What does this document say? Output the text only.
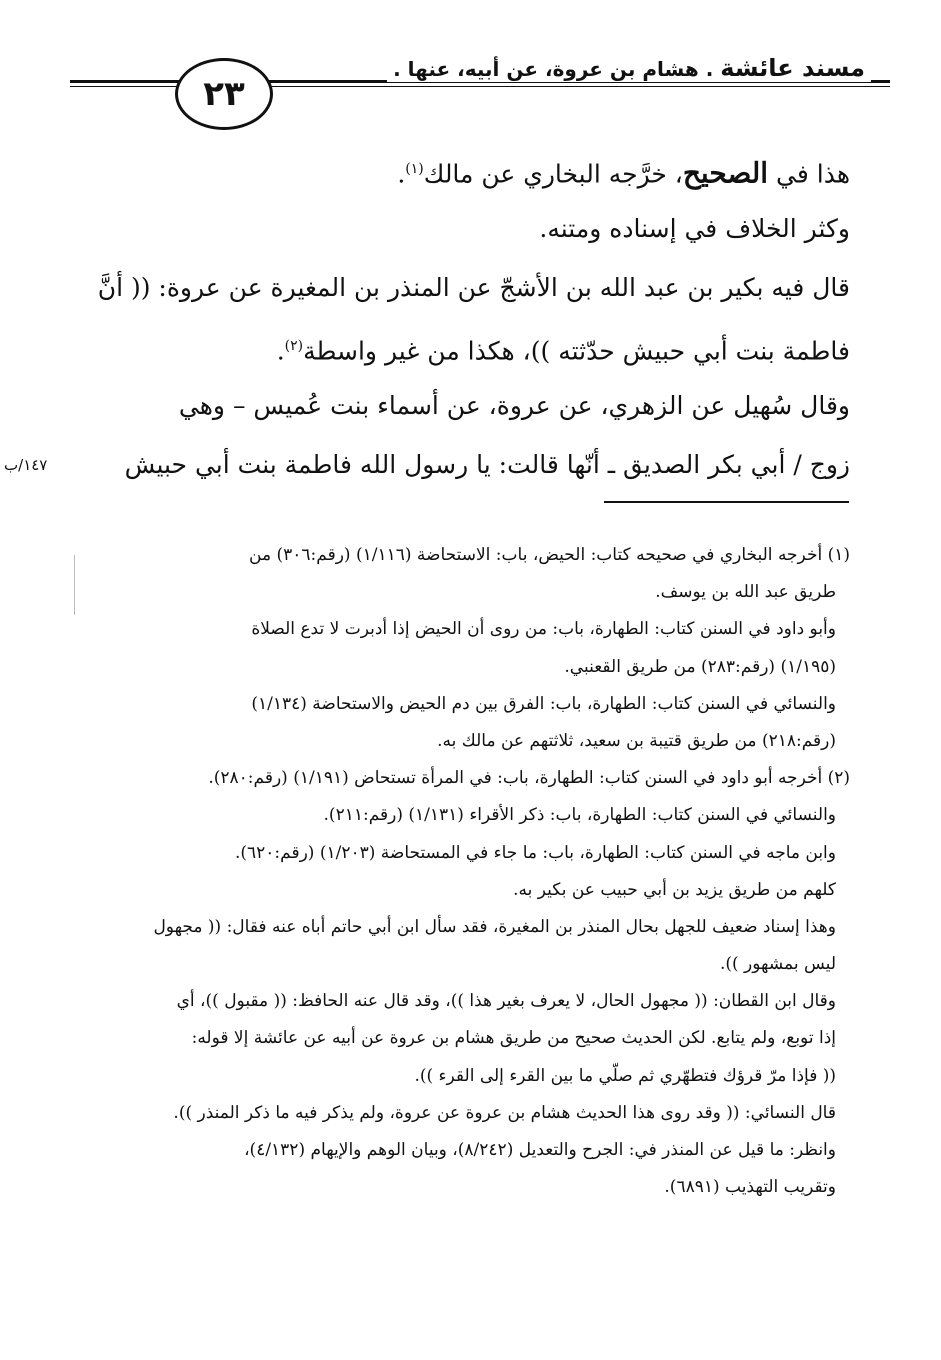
مسند عائشة . هشام بن عروة، عن أبيه، عنها .
٢٣
هذا في الصحيح، خرَّجه البخاري عن مالك$^{(١)}$.
وكثر الخلاف في إسناده ومتنه.
قال فيه بكير بن عبد الله بن الأشجّ عن المنذر بن المغيرة عن عروة: (( أنَّ
فاطمة بنت أبي حبيش حدّثته ))، هكذا من غير واسطة$^{(٢)}$.
وقال سُهيل عن الزهري، عن عروة، عن أسماء بنت عُميس – وهي
زوج / أبي بكر الصديق ـ أنّها قالت: يا رسول الله فاطمة بنت أبي حبيش
١٤٧/ب
(١) أخرجه البخاري في صحيحه كتاب: الحيض، باب: الاستحاضة (١/١١٦) (رقم:٣٠٦) من
طريق عبد الله بن يوسف.
وأبو داود في السنن كتاب: الطهارة، باب: من روى أن الحيض إذا أدبرت لا تدع الصلاة
(١/١٩٥) (رقم:٢٨٣) من طريق القعنبي.
والنسائي في السنن كتاب: الطهارة، باب: الفرق بين دم الحيض والاستحاضة (١/١٣٤)
(رقم:٢١٨) من طريق قتيبة بن سعيد، ثلاثتهم عن مالك به.
(٢) أخرجه أبو داود في السنن كتاب: الطهارة، باب: في المرأة تستحاض (١/١٩١) (رقم:٢٨٠).
والنسائي في السنن كتاب: الطهارة، باب: ذكر الأقراء (١/١٣١) (رقم:٢١١).
وابن ماجه في السنن كتاب: الطهارة، باب: ما جاء في المستحاضة (١/٢٠٣) (رقم:٦٢٠).
كلهم من طريق يزيد بن أبي حبيب عن بكير به.
وهذا إسناد ضعيف للجهل بحال المنذر بن المغيرة، فقد سأل ابن أبي حاتم أباه عنه فقال: (( مجهول
ليس بمشهور )).
وقال ابن القطان: (( مجهول الحال، لا يعرف بغير هذا ))، وقد قال عنه الحافظ: (( مقبول ))، أي
إذا توبع، ولم يتابع. لكن الحديث صحيح من طريق هشام بن عروة عن أبيه عن عائشة إلا قوله:
(( فإذا مرّ قرؤك فتطهّري ثم صلّي ما بين القرء إلى القرء )).
قال النسائي: (( وقد روى هذا الحديث هشام بن عروة عن عروة، ولم يذكر فيه ما ذكر المنذر )).
وانظر: ما قيل عن المنذر في: الجرح والتعديل (٨/٢٤٢)، وبيان الوهم والإيهام (٤/١٣٢)،
وتقريب التهذيب (٦٨٩١).
